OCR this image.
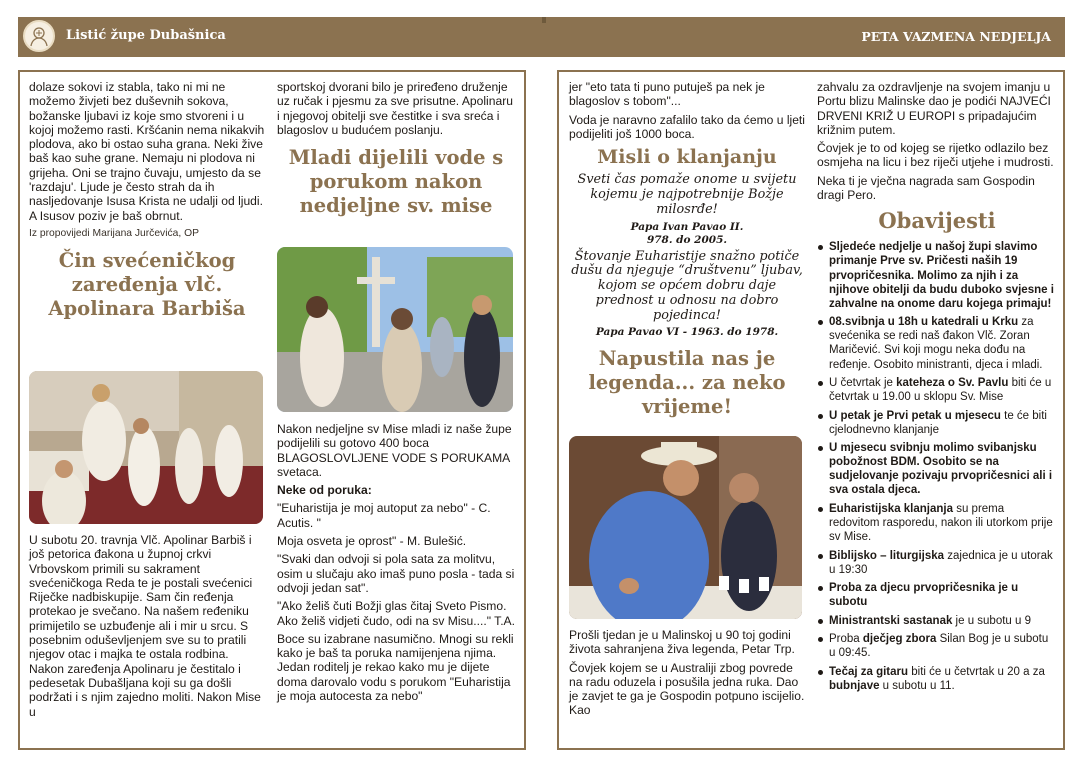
Listić župe Dubašnica	PETA VAZMENA NEDJELJA

dolaze sokovi iz stabla, tako ni mi ne možemo živjeti bez duševnih sokova, božanske ljubavi iz koje smo stvoreni i u kojoj možemo rasti. Kršćanin nema nikakvih plodova, ako bi ostao suha grana. Neki žive baš kao suhe grane. Nemaju ni plodova ni grijeha. Oni se trajno čuvaju, umjesto da se 'razdaju'. Ljude je često strah da ih nasljedovanje Isusa Krista ne udalji od ljudi. A Isusov poziv je baš obrnut.

Iz propovijedi Marijana Jurčevića, OP
Čin svećeničkog zaređenja vlč. Apolinara Barbiša
U subotu 20. travnja Vlč. Apolinar Barbiš i još petorica đakona u župnoj crkvi Vrbovskom primili su sakrament svećeničkoga Reda te je postali svećenici Riječke nadbiskupije. Sam čin ređenja protekao je svečano. Na našem ređeniku primijetilo se uzbuđenje ali i mir u srcu. S posebnim oduševljenjem sve su to pratili njegov otac i majka te ostala rodbina. Nakon zaređenja Apolinaru je čestitalo i pedesetak Dubašljana koji su ga došli podržati i s njim zajedno moliti. Nakon Mise u

sportskoj dvorani bilo je priređeno druženje uz ručak i pjesmu za sve prisutne. Apolinaru i njegovoj obitelji sve čestitke i sva sreća i blagoslov u budućem poslanju.

Mladi dijelili vode s porukom nakon nedjeljne sv. mise

Nakon nedjeljne sv Mise mladi iz naše župe podijelili su gotovo 400 boca BLAGOSLOVLJENE VODE S PORUKAMA svetaca.

Neke od poruka:

"Euharistija je moj autoput za nebo" - C. Acutis. "

Moja osveta je oprost" - M. Bulešić.

"Svaki dan odvoji si pola sata za molitvu, osim u slučaju ako imaš puno posla - tada si odvoji jedan sat".

"Ako želiš čuti Božji glas čitaj Sveto Pismo. Ako želiš vidjeti čudo, odi na sv Misu...." T.A.

Boce su izabrane nasumično. Mnogi su rekli kako je baš ta poruka namijenjena njima. Jedan roditelj je rekao kako mu je dijete doma darovalo vodu s porukom "Euharistija je moja autocesta za nebo"

jer "eto tata ti puno putuješ pa nek je blagoslov s tobom"...

Voda je naravno zafalilo tako da ćemo u ljeti podijeliti još 1000 boca.

Misli o klanjanju
Sveti čas pomaže onome u svijetu kojemu je najpotrebnije Božje milosrđe!
Papa Ivan Pavao II.
978. do 2005.
Štovanje Euharistije snažno potiče dušu da njeguje “društvenu” ljubav, kojom se općem dobru daje prednost u odnosu na dobro pojedinca!
Papa Pavao VI - 1963. do 1978.
Napustila nas je legenda... za neko vrijeme!

Prošli tjedan je u Malinskoj u 90 toj godini života sahranjena živa legenda, Petar Trp.

Čovjek kojem se u Australiji zbog povrede na radu oduzela i posušila jedna ruka. Dao je zavjet te ga je Gospodin potpuno iscijelio. Kao

zahvalu za ozdravljenje na svojem imanju u Portu blizu Malinske dao je podići NAJVEĆI DRVENI KRIŽ U EUROPI s pripadajućim križnim putem.

Čovjek je to od kojeg se rijetko odlazilo bez osmjeha na licu i bez riječi utjehe i mudrosti.

Neka ti je vječna nagrada sam Gospodin dragi Pero.

Obavijesti
Sljedeće nedjelje u našoj župi slavimo primanje Prve sv. Pričesti naših 19 prvopričesnika. Molimo za njih i za njihove obitelji da budu duboko svjesne i zahvalne na onome daru kojega primaju!
08.svibnja u 18h u katedrali u Krku za svećenika se redi naš đakon Vlč. Zoran Maričević. Svi koji mogu neka dođu na ređenje. Osobito ministranti, djeca i mladi.
U četvrtak je kateheza o Sv. Pavlu biti će u četvrtak u 19.00 u sklopu Sv. Mise
U petak je Prvi petak u mjesecu te će biti cjelodnevno klanjanje
U mjesecu svibnju molimo svibanjsku pobožnost BDM. Osobito se na sudjelovanje pozivaju prvopričesnici ali i sva ostala djeca.
Euharistijska klanjanja su prema redovitom rasporedu, nakon ili utorkom prije sv Mise.
Biblijsko – liturgijska zajednica je u utorak u 19:30
Proba za djecu prvopričesnika je u subotu
Ministrantski sastanak je u subotu u 9
Proba dječjeg zbora Silan Bog je u subotu u 09:45.
Tečaj za gitaru biti će u četvrtak u 20 a za bubnjave u subotu u 11.
